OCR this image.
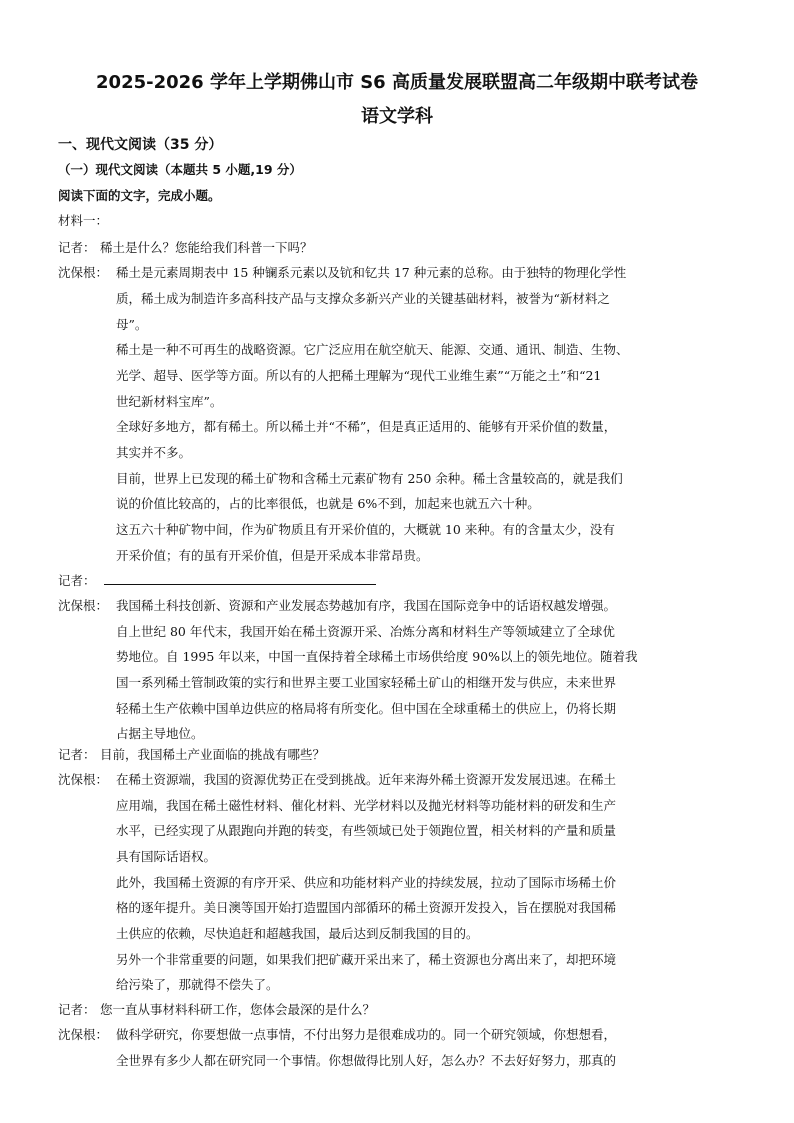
2025-2026 学年上学期佛山市 S6 高质量发展联盟高二年级期中联考试卷
语文学科
一、现代文阅读（35 分）
（一）现代文阅读（本题共 5 小题,19 分）
阅读下面的文字，完成小题。
材料一：
记者： 稀土是什么？您能给我们科普一下吗？
沈保根： 稀土是元素周期表中 15 种镧系元素以及钪和钇共 17 种元素的总称。由于独特的物理化学性
质，稀土成为制造许多高科技产品与支撑众多新兴产业的关键基础材料，被誉为“新材料之
母”。
稀土是一种不可再生的战略资源。它广泛应用在航空航天、能源、交通、通讯、制造、生物、
光学、超导、医学等方面。所以有的人把稀土理解为“现代工业维生素”“万能之土”和“21
世纪新材料宝库”。
全球好多地方，都有稀土。所以稀土并“不稀”，但是真正适用的、能够有开采价值的数量，
其实并不多。
目前，世界上已发现的稀土矿物和含稀土元素矿物有 250 余种。稀土含量较高的，就是我们
说的价值比较高的，占的比率很低，也就是 6%不到，加起来也就五六十种。
这五六十种矿物中间，作为矿物质且有开采价值的，大概就 10 来种。有的含量太少，没有
开采价值；有的虽有开采价值，但是开采成本非常昂贵。
记者：
沈保根： 我国稀土科技创新、资源和产业发展态势越加有序，我国在国际竞争中的话语权越发增强。
自上世纪 80 年代末，我国开始在稀土资源开采、冶炼分离和材料生产等领域建立了全球优
势地位。自 1995 年以来，中国一直保持着全球稀土市场供给度 90%以上的领先地位。随着我
国一系列稀土管制政策的实行和世界主要工业国家轻稀土矿山的相继开发与供应，未来世界
轻稀土生产依赖中国单边供应的格局将有所变化。但中国在全球重稀土的供应上，仍将长期
占据主导地位。
记者： 目前，我国稀土产业面临的挑战有哪些？
沈保根： 在稀土资源端，我国的资源优势正在受到挑战。近年来海外稀土资源开发发展迅速。在稀土
应用端，我国在稀土磁性材料、催化材料、光学材料以及抛光材料等功能材料的研发和生产
水平，已经实现了从跟跑向并跑的转变，有些领域已处于领跑位置，相关材料的产量和质量
具有国际话语权。
此外，我国稀土资源的有序开采、供应和功能材料产业的持续发展，拉动了国际市场稀土价
格的逐年提升。美日澳等国开始打造盟国内部循环的稀土资源开发投入，旨在摆脱对我国稀
土供应的依赖，尽快追赶和超越我国，最后达到反制我国的目的。
另外一个非常重要的问题，如果我们把矿藏开采出来了，稀土资源也分离出来了，却把环境
给污染了，那就得不偿失了。
记者： 您一直从事材料科研工作，您体会最深的是什么？
沈保根： 做科学研究，你要想做一点事情，不付出努力是很难成功的。同一个研究领域，你想想看，
全世界有多少人都在研究同一个事情。你想做得比别人好，怎么办？不去好好努力，那真的
